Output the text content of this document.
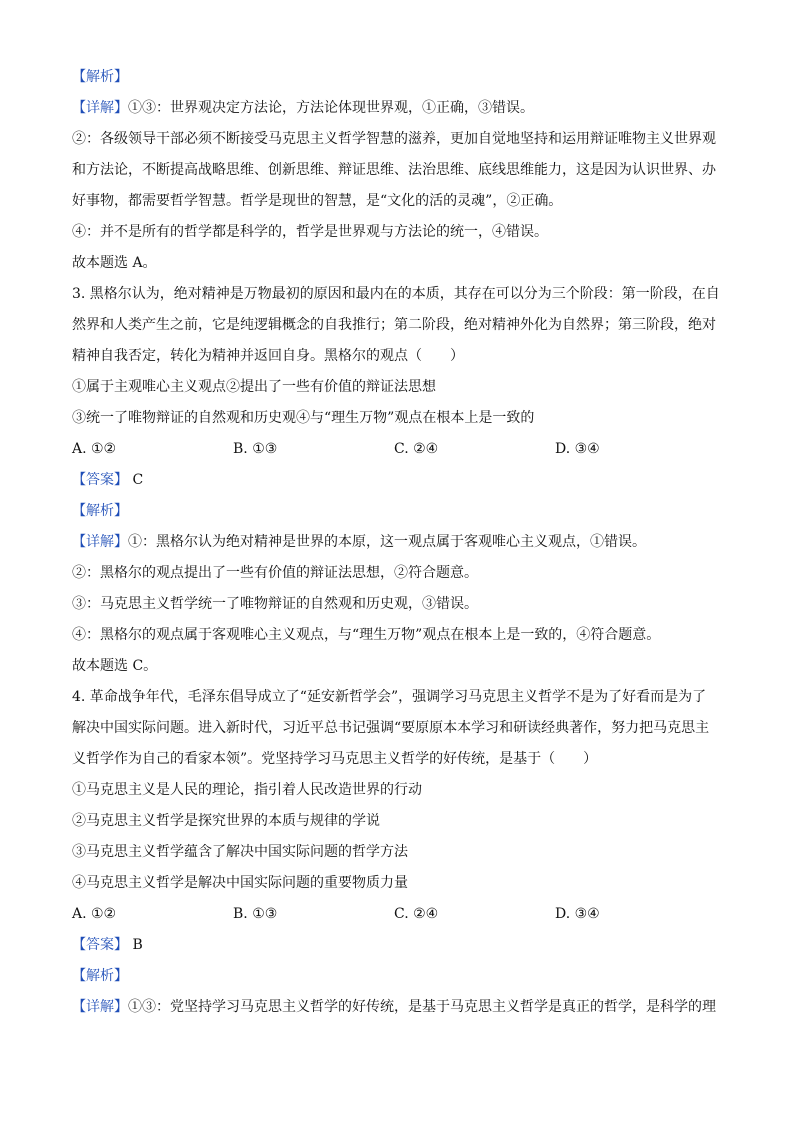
【解析】
【详解】①③：世界观决定方法论，方法论体现世界观，①正确，③错误。
②：各级领导干部必须不断接受马克思主义哲学智慧的滋养，更加自觉地坚持和运用辩证唯物主义世界观
和方法论，不断提高战略思维、创新思维、辩证思维、法治思维、底线思维能力，这是因为认识世界、办
好事物，都需要哲学智慧。哲学是现世的智慧，是“文化的活的灵魂”，②正确。
④：并不是所有的哲学都是科学的，哲学是世界观与方法论的统一，④错误。
故本题选 A。
3. 黑格尔认为，绝对精神是万物最初的原因和最内在的本质，其存在可以分为三个阶段：第一阶段，在自
然界和人类产生之前，它是纯逻辑概念的自我推行；第二阶段，绝对精神外化为自然界；第三阶段，绝对
精神自我否定，转化为精神并返回自身。黑格尔的观点（　　）
①属于主观唯心主义观点②提出了一些有价值的辩证法思想
③统一了唯物辩证的自然观和历史观④与“理生万物”观点在根本上是一致的
A. ①②	B. ①③	C. ②④	D. ③④
【答案】 C
【解析】
【详解】①：黑格尔认为绝对精神是世界的本原，这一观点属于客观唯心主义观点，①错误。
②：黑格尔的观点提出了一些有价值的辩证法思想，②符合题意。
③：马克思主义哲学统一了唯物辩证的自然观和历史观，③错误。
④：黑格尔的观点属于客观唯心主义观点，与“理生万物”观点在根本上是一致的，④符合题意。
故本题选 C。
4. 革命战争年代，毛泽东倡导成立了“延安新哲学会”，强调学习马克思主义哲学不是为了好看而是为了
解决中国实际问题。进入新时代，习近平总书记强调“要原原本本学习和研读经典著作，努力把马克思主
义哲学作为自己的看家本领”。党坚持学习马克思主义哲学的好传统，是基于（　　）
①马克思主义是人民的理论，指引着人民改造世界的行动
②马克思主义哲学是探究世界的本质与规律的学说
③马克思主义哲学蕴含了解决中国实际问题的哲学方法
④马克思主义哲学是解决中国实际问题的重要物质力量
A. ①②	B. ①③	C. ②④	D. ③④
【答案】 B
【解析】
【详解】①③：党坚持学习马克思主义哲学的好传统，是基于马克思主义哲学是真正的哲学，是科学的理
